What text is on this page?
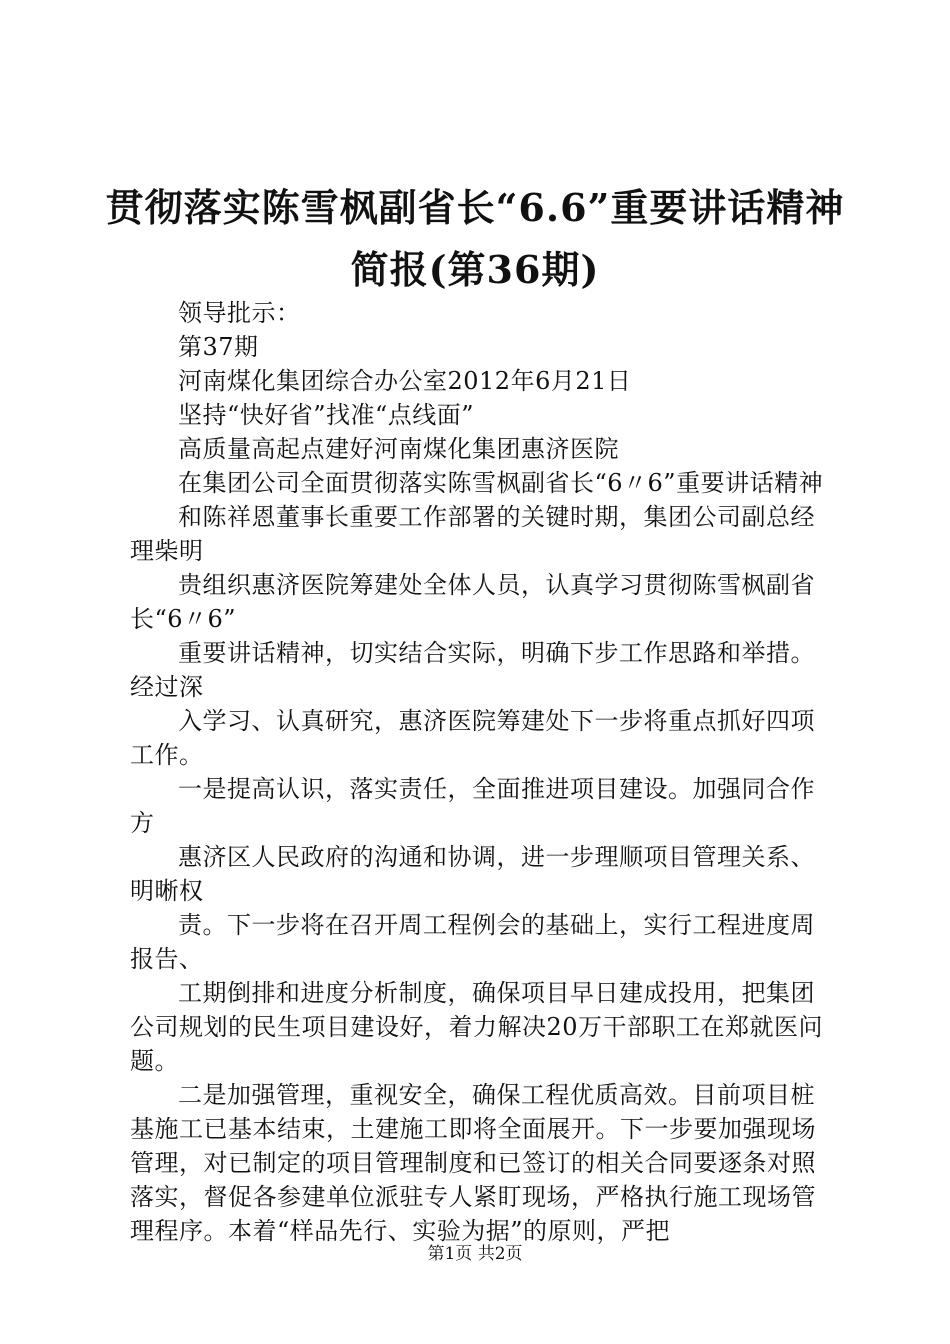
贯彻落实陈雪枫副省长“6.6”重要讲话精神
简报(第36期)

领导批示：

第37期

河南煤化集团综合办公室2012年6月21日

坚持“快好省”找准“点线面”

高质量高起点建好河南煤化集团惠济医院

在集团公司全面贯彻落实陈雪枫副省长“6〃6”重要讲话精神

和陈祥恩董事长重要工作部署的关键时期，集团公司副总经理柴明

贵组织惠济医院筹建处全体人员，认真学习贯彻陈雪枫副省长“6〃6”

重要讲话精神，切实结合实际，明确下步工作思路和举措。经过深

入学习、认真研究，惠济医院筹建处下一步将重点抓好四项工作。

一是提高认识，落实责任，全面推进项目建设。加强同合作方

惠济区人民政府的沟通和协调，进一步理顺项目管理关系、明晰权

责。下一步将在召开周工程例会的基础上，实行工程进度周报告、

工期倒排和进度分析制度，确保项目早日建成投用，把集团公司规划的民生项目建设好，着力解决20万干部职工在郑就医问题。

二是加强管理，重视安全，确保工程优质高效。目前项目桩基施工已基本结束，土建施工即将全面展开。下一步要加强现场管理，对已制定的项目管理制度和已签订的相关合同要逐条对照落实，督促各参建单位派驻专人紧盯现场，严格执行施工现场管理程序。本着“样品先行、实验为据”的原则，严把

第1页 共2页
